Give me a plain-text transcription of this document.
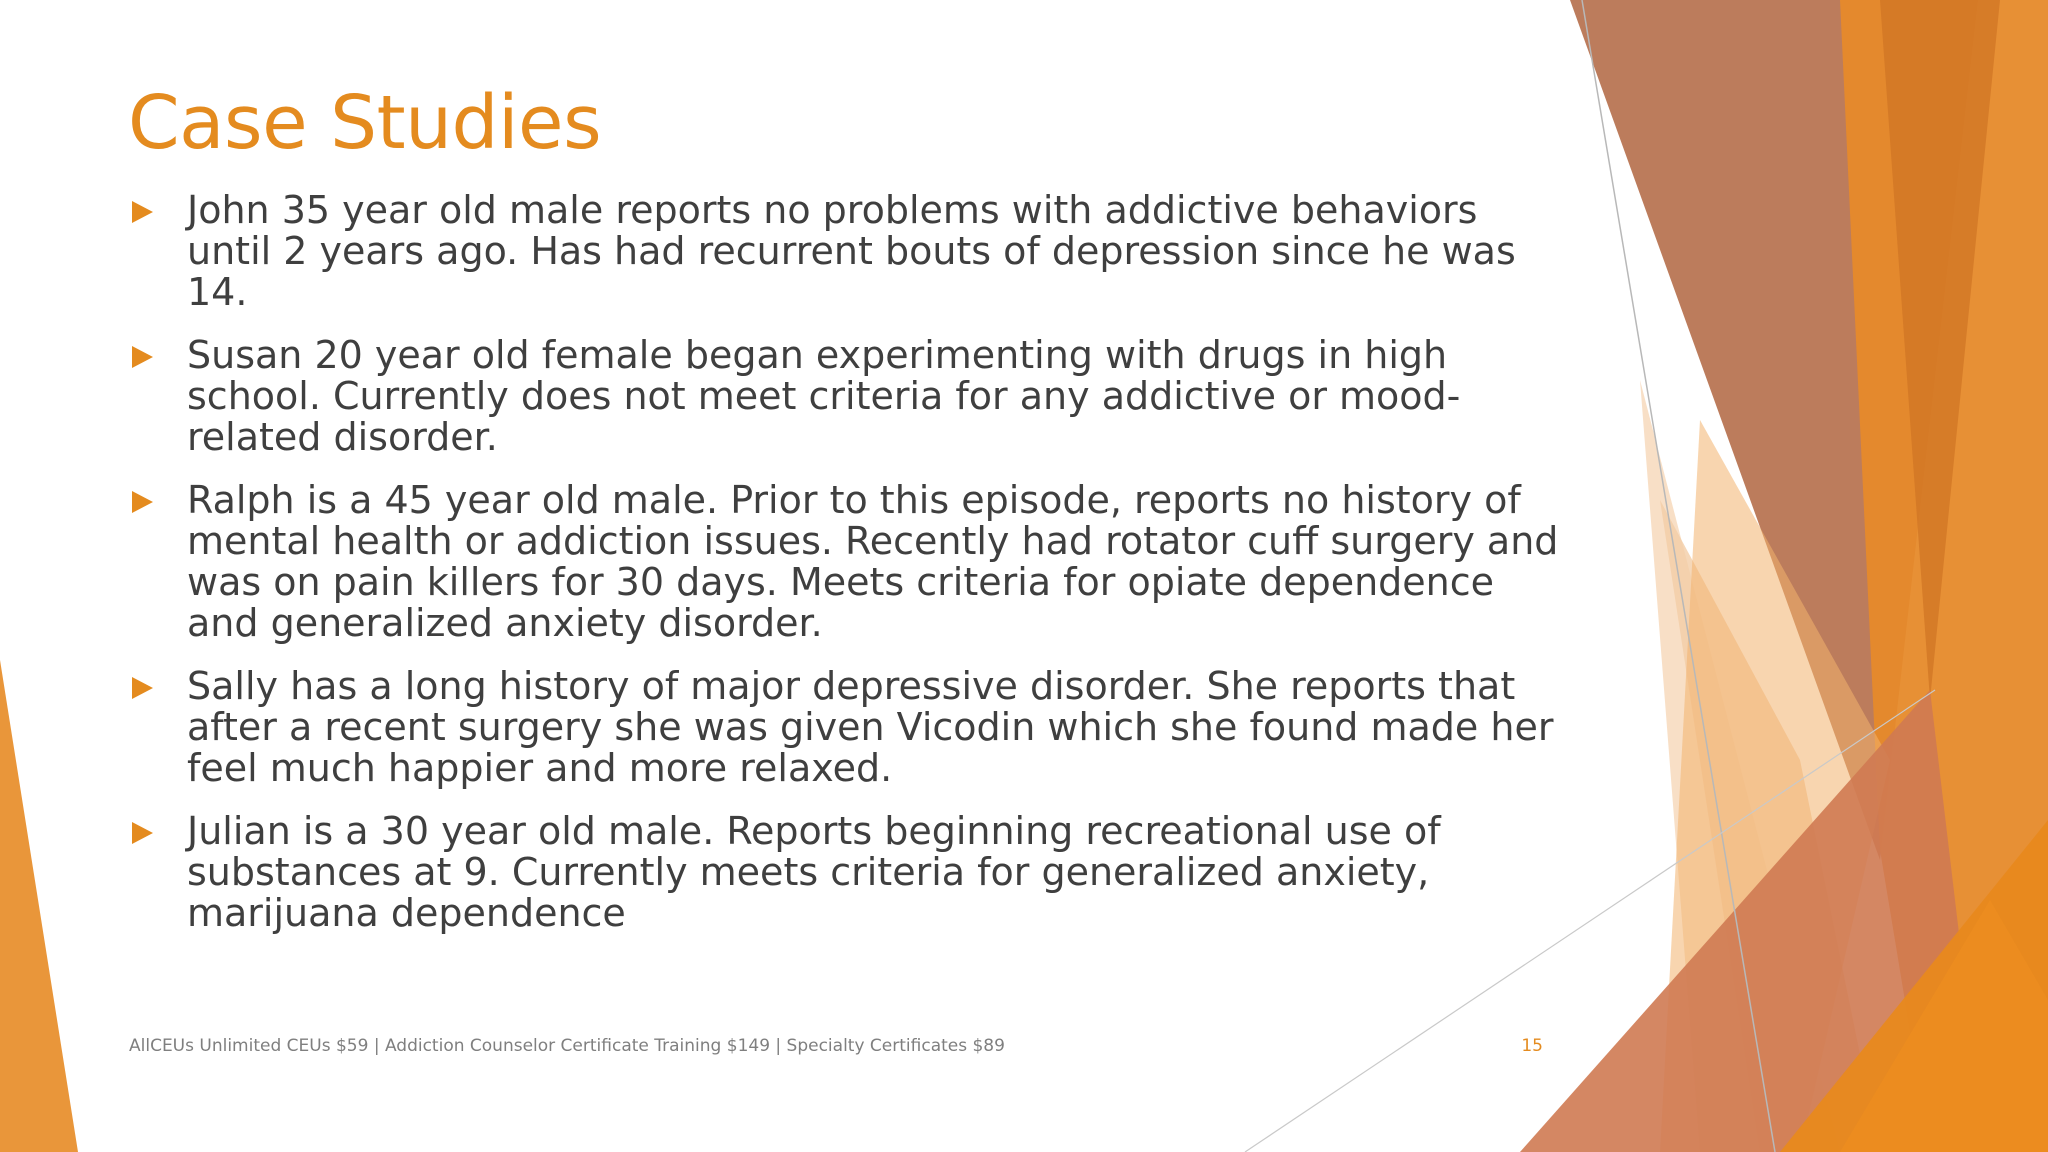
Case Studies
John 35 year old male reports no problems with addictive behaviors until 2 years ago. Has had recurrent bouts of depression since he was 14.
Susan 20 year old female began experimenting with drugs in high school. Currently does not meet criteria for any addictive or mood-related disorder.
Ralph is a 45 year old male. Prior to this episode, reports no history of mental health or addiction issues. Recently had rotator cuff surgery and was on pain killers for 30 days. Meets criteria for opiate dependence and generalized anxiety disorder.
Sally has a long history of major depressive disorder. She reports that after a recent surgery she was given Vicodin which she found made her feel much happier and more relaxed.
Julian is a 30 year old male. Reports beginning recreational use of substances at 9. Currently meets criteria for generalized anxiety, marijuana dependence
AllCEUs Unlimited CEUs $59 | Addiction Counselor Certificate Training $149 | Specialty Certificates $89	15
